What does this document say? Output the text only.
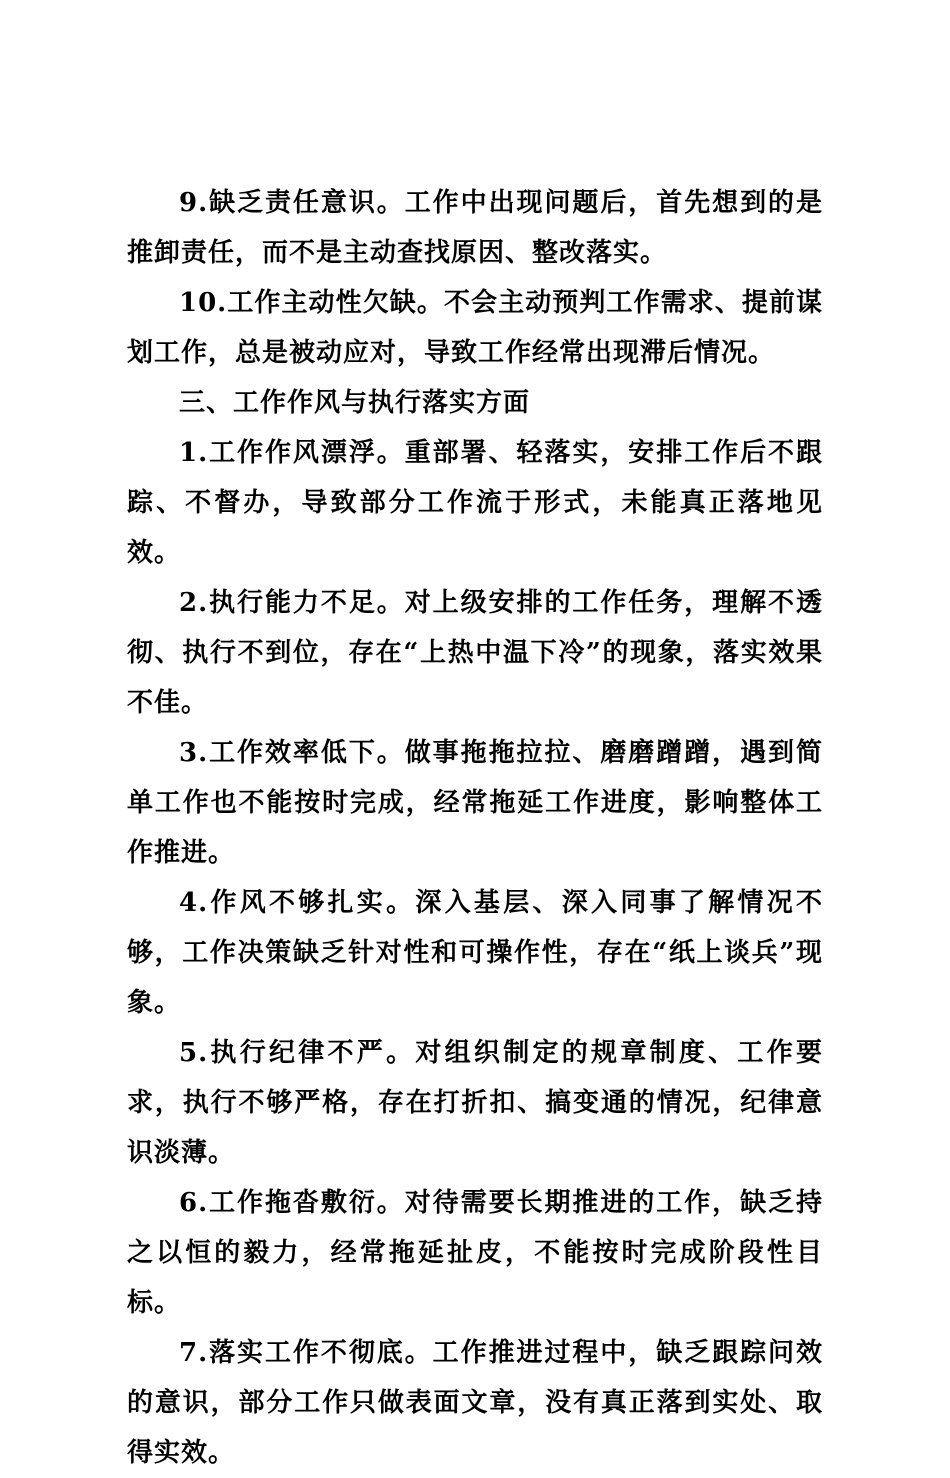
9.缺乏责任意识。工作中出现问题后，首先想到的是推卸责任，而不是主动查找原因、整改落实。

10.工作主动性欠缺。不会主动预判工作需求、提前谋划工作，总是被动应对，导致工作经常出现滞后情况。

三、工作作风与执行落实方面

1.工作作风漂浮。重部署、轻落实，安排工作后不跟踪、不督办，导致部分工作流于形式，未能真正落地见效。

2.执行能力不足。对上级安排的工作任务，理解不透彻、执行不到位，存在“上热中温下冷”的现象，落实效果不佳。

3.工作效率低下。做事拖拖拉拉、磨磨蹭蹭，遇到简单工作也不能按时完成，经常拖延工作进度，影响整体工作推进。

4.作风不够扎实。深入基层、深入同事了解情况不够，工作决策缺乏针对性和可操作性，存在“纸上谈兵”现象。

5.执行纪律不严。对组织制定的规章制度、工作要求，执行不够严格，存在打折扣、搞变通的情况，纪律意识淡薄。

6.工作拖沓敷衍。对待需要长期推进的工作，缺乏持之以恒的毅力，经常拖延扯皮，不能按时完成阶段性目标。

7.落实工作不彻底。工作推进过程中，缺乏跟踪问效的意识，部分工作只做表面文章，没有真正落到实处、取得实效。
